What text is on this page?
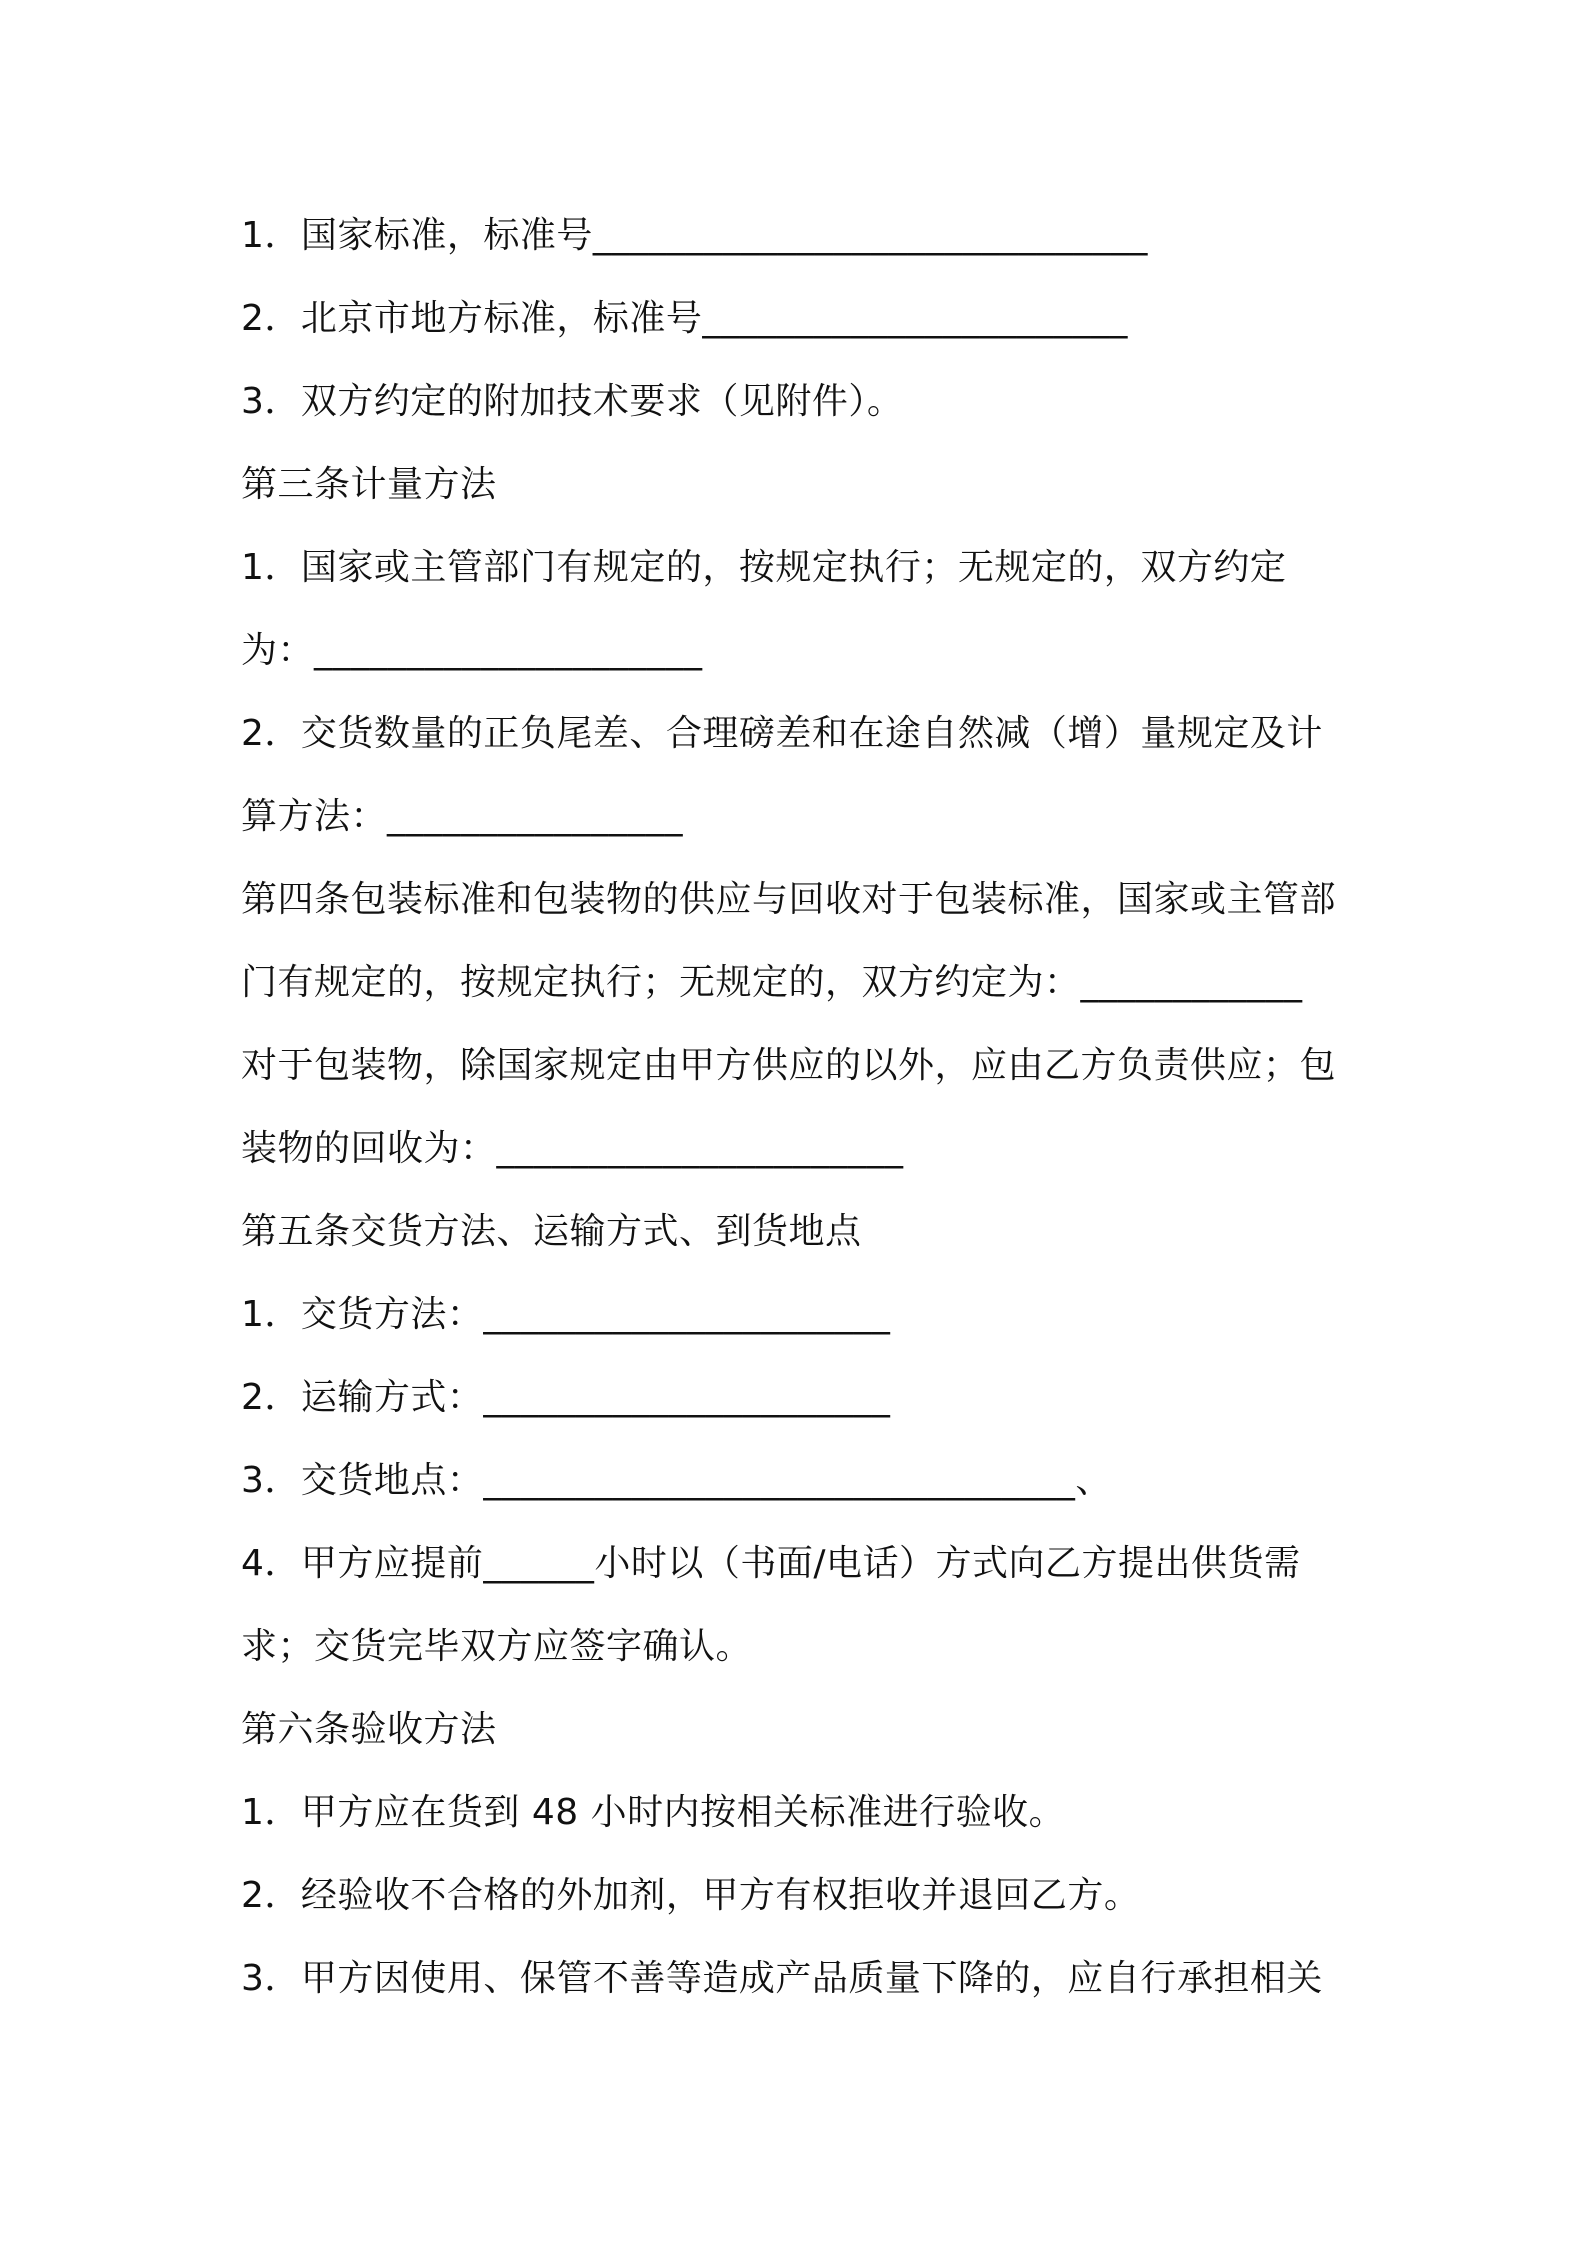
1．国家标准，标准号______________________________
2．北京市地方标准，标准号_______________________
3．双方约定的附加技术要求（见附件）。
第三条计量方法
1．国家或主管部门有规定的，按规定执行；无规定的，双方约定
为：_____________________
2．交货数量的正负尾差、合理磅差和在途自然减（增）量规定及计
算方法：________________
第四条包装标准和包装物的供应与回收对于包装标准，国家或主管部
门有规定的，按规定执行；无规定的，双方约定为：____________
对于包装物，除国家规定由甲方供应的以外，应由乙方负责供应；包
装物的回收为：______________________
第五条交货方法、运输方式、到货地点
1．交货方法：______________________
2．运输方式：______________________
3．交货地点：________________________________、
4．甲方应提前______小时以（书面/电话）方式向乙方提出供货需
求；交货完毕双方应签字确认。
第六条验收方法
1．甲方应在货到 48 小时内按相关标准进行验收。
2．经验收不合格的外加剂，甲方有权拒收并退回乙方。
3．甲方因使用、保管不善等造成产品质量下降的，应自行承担相关
